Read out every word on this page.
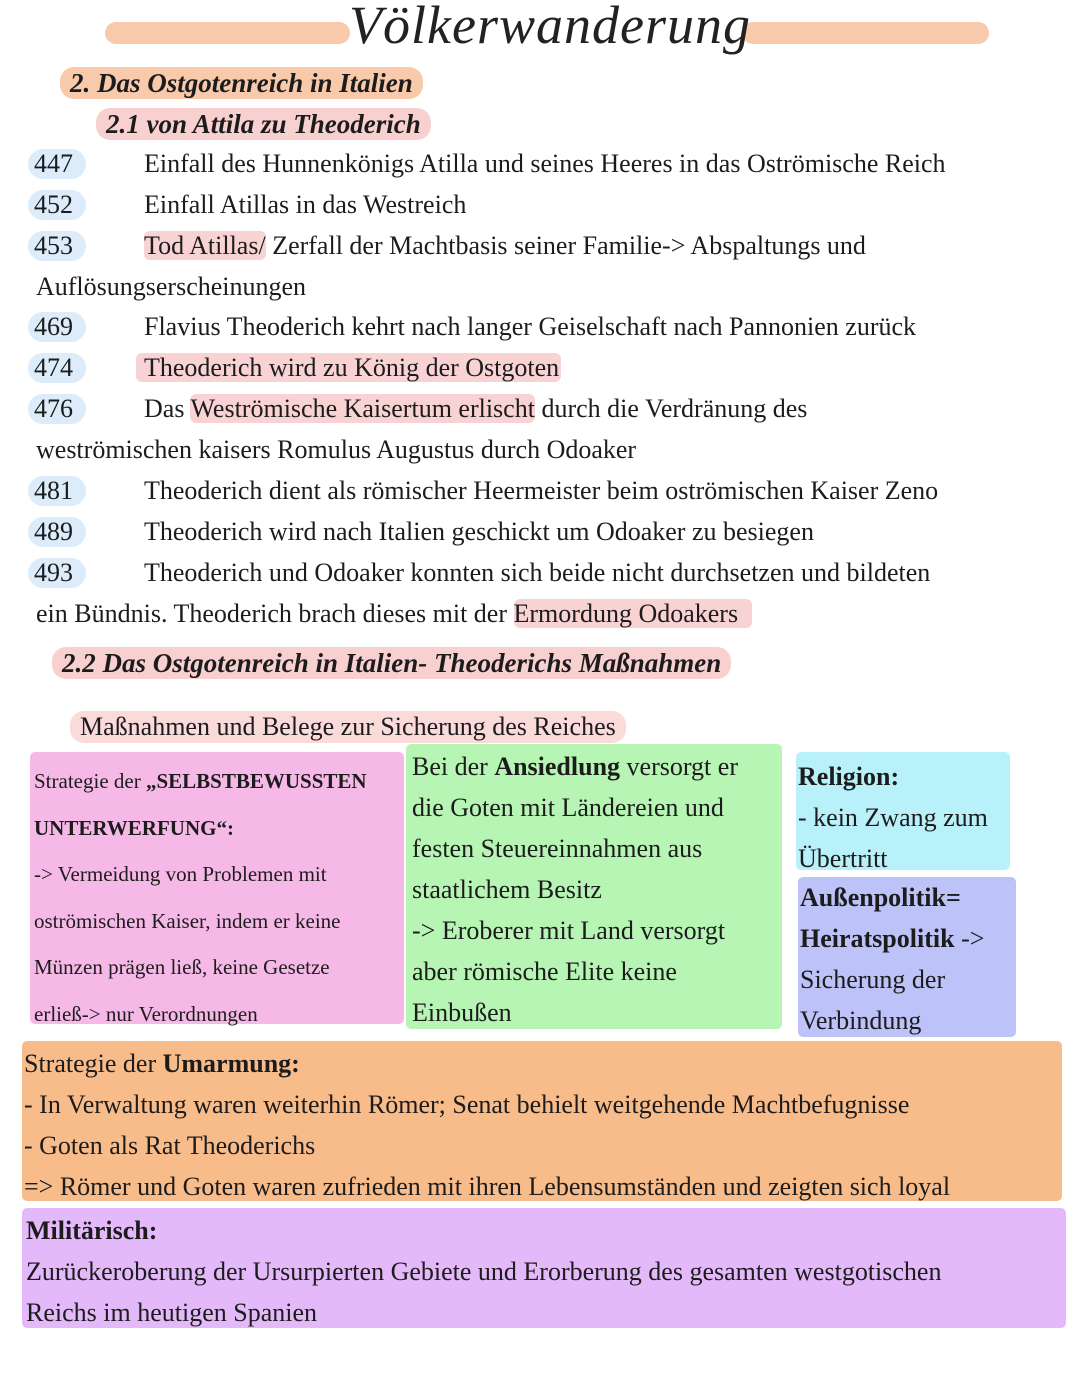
Völkerwanderung
2. Das Ostgotenreich in Italien
2.1 von Attila zu Theoderich
447	Einfall des Hunnenkönigs Atilla und seines Heeres in das Oströmische Reich
452	Einfall Atillas in das Westreich
453	Tod Atillas/ Zerfall der Machtbasis seiner Familie-> Abspaltungs und
Auflösungserscheinungen
469	Flavius Theoderich kehrt nach langer Geiselschaft nach Pannonien zurück
474	Theoderich wird zu König der Ostgoten
476	Das Weströmische Kaisertum erlischt durch die Verdränung des
weströmischen kaisers Romulus Augustus durch Odoaker
481	Theoderich dient als römischer Heermeister beim oströmischen Kaiser Zeno
489	Theoderich wird nach Italien geschickt um Odoaker zu besiegen
493	Theoderich und Odoaker konnten sich beide nicht durchsetzen und bildeten
ein Bündnis. Theoderich brach dieses mit der Ermordung Odoakers
2.2 Das Ostgotenreich in Italien- Theoderichs Maßnahmen
Maßnahmen und Belege zur Sicherung des Reiches
Strategie der „SELBSTBEWUSSTEN
UNTERWERFUNG“:
-> Vermeidung von Problemen mit
oströmischen Kaiser, indem er keine
Münzen prägen ließ, keine Gesetze
erließ-> nur Verordnungen
Bei der Ansiedlung versorgt er
die Goten mit Ländereien und
festen Steuereinnahmen aus
staatlichem Besitz
-> Eroberer mit Land versorgt
aber römische Elite keine
Einbußen
Religion:
- kein Zwang zum
Übertritt
Außenpolitik=
Heiratspolitik ->
Sicherung der
Verbindung
Strategie der Umarmung:
- In Verwaltung waren weiterhin Römer; Senat behielt weitgehende Machtbefugnisse
- Goten als Rat Theoderichs
=> Römer und Goten waren zufrieden mit ihren Lebensumständen und zeigten sich loyal
Militärisch:
Zurückeroberung der Ursurpierten Gebiete und Erorberung des gesamten westgotischen
Reichs im heutigen Spanien
